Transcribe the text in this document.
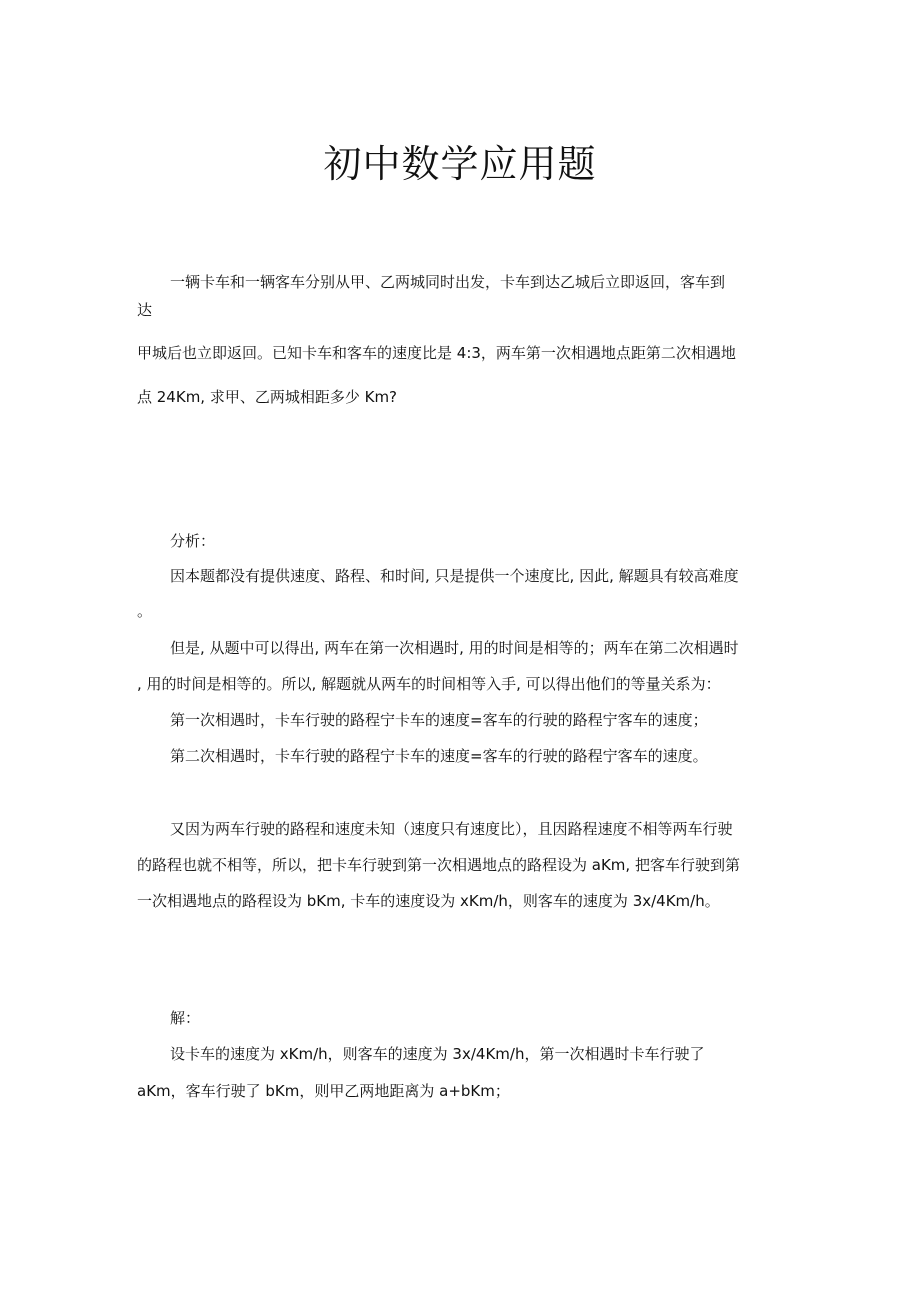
初中数学应用题
一辆卡车和一辆客车分别从甲、乙两城同时出发，卡车到达乙城后立即返回，客车到
达
甲城后也立即返回。已知卡车和客车的速度比是 4:3，两车第一次相遇地点距第二次相遇地
点 24Km, 求甲、乙两城相距多少 Km?
分析：
因本题都没有提供速度、路程、和时间, 只是提供一个速度比, 因此, 解题具有较高难度
。
但是, 从题中可以得出, 两车在第一次相遇时, 用的时间是相等的；两车在第二次相遇时
, 用的时间是相等的。所以, 解题就从两车的时间相等入手, 可以得出他们的等量关系为：
第一次相遇时，卡车行驶的路程宁卡车的速度=客车的行驶的路程宁客车的速度；
第二次相遇时，卡车行驶的路程宁卡车的速度=客车的行驶的路程宁客车的速度。
又因为两车行驶的路程和速度未知（速度只有速度比），且因路程速度不相等两车行驶
的路程也就不相等，所以，把卡车行驶到第一次相遇地点的路程设为 aKm, 把客车行驶到第
一次相遇地点的路程设为 bKm, 卡车的速度设为 xKm/h，则客车的速度为 3x/4Km/h。
解：
设卡车的速度为 xKm/h，则客车的速度为 3x/4Km/h，第一次相遇时卡车行驶了
aKm，客车行驶了 bKm，则甲乙两地距离为 a+bKm；
